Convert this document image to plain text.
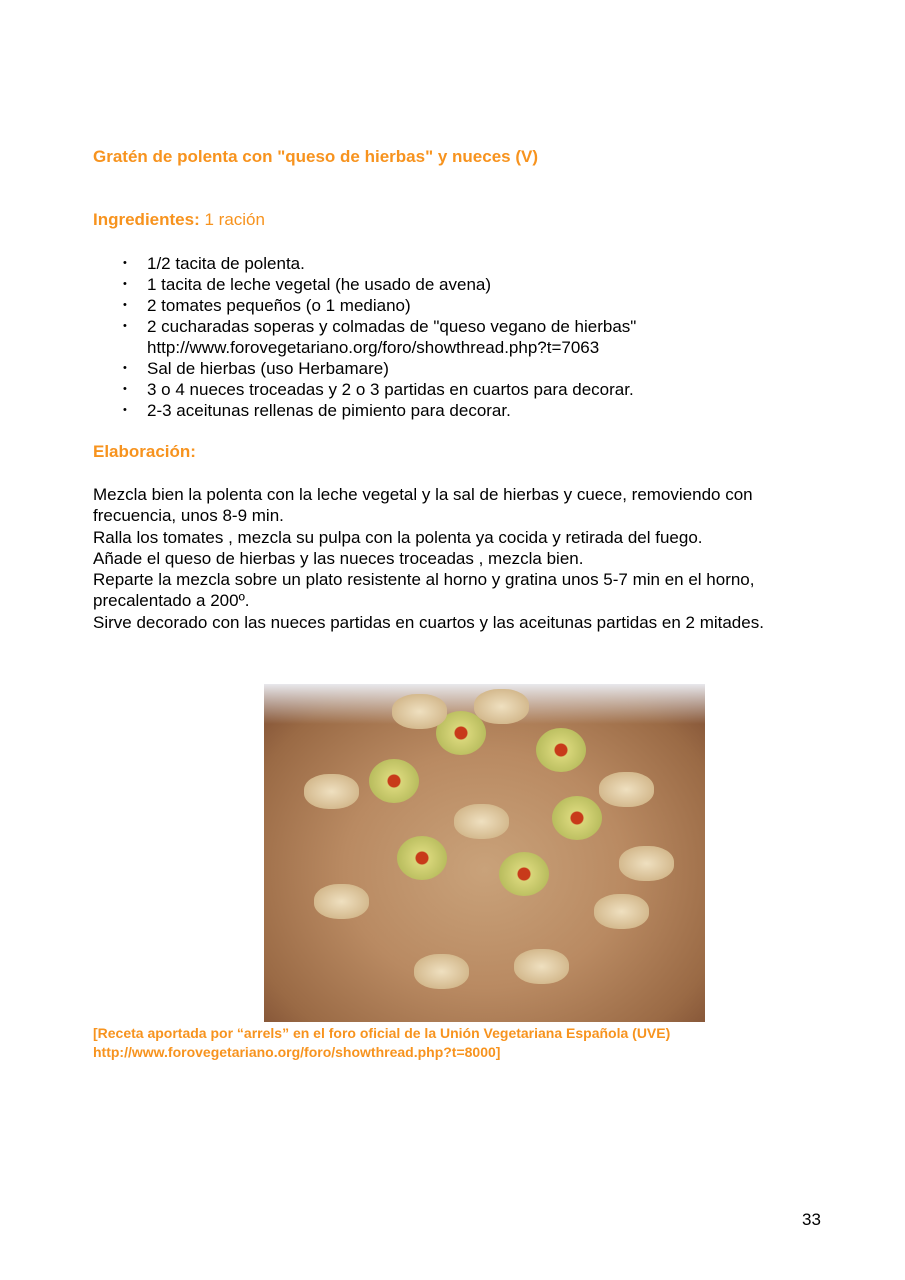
Gratén de polenta con "queso de hierbas" y nueces (V)
Ingredientes: 1 ración
• 1/2 tacita de polenta.
• 1 tacita de leche vegetal (he usado de avena)
• 2 tomates pequeños (o 1 mediano)
• 2 cucharadas soperas y colmadas de "queso vegano de hierbas" http://www.forovegetariano.org/foro/showthread.php?t=7063
• Sal de hierbas (uso Herbamare)
• 3 o 4 nueces troceadas y 2 o 3 partidas en cuartos para decorar.
• 2-3 aceitunas rellenas de pimiento para decorar.
Elaboración:
Mezcla bien la polenta con la leche vegetal y la sal de hierbas y cuece, removiendo con frecuencia, unos 8-9 min.
Ralla los tomates , mezcla su pulpa con la polenta ya cocida y retirada del fuego.
Añade el queso de hierbas y las nueces troceadas , mezcla bien.
Reparte la mezcla sobre un plato resistente al horno y gratina unos 5-7 min en el horno, precalentado a 200º.
Sirve decorado con las nueces partidas en cuartos y las aceitunas partidas en 2 mitades.
[Receta aportada por “arrels” en el foro oficial de la Unión Vegetariana Española (UVE)
http://www.forovegetariano.org/foro/showthread.php?t=8000]
33
